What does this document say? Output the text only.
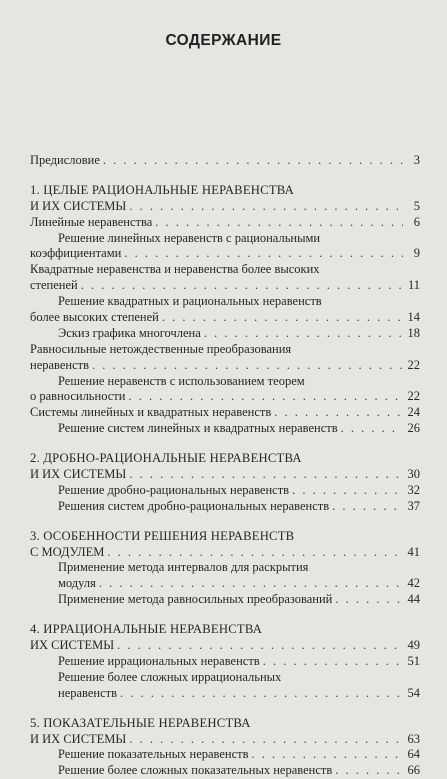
СОДЕРЖАНИЕ
Предисловие . . .	3
1. ЦЕЛЫЕ РАЦИОНАЛЬНЫЕ НЕРАВЕНСТВА
И ИХ СИСТЕМЫ . . .	5
Линейные неравенства . . .	6
Решение линейных неравенств с рациональными
коэффициентами . . .	9
Квадратные неравенства и неравенства более высоких
степеней . . .	11
Решение квадратных и рациональных неравенств
более высоких степеней . . .	14
Эскиз графика многочлена . . .	18
Равносильные нетождественные преобразования
неравенств . . .	22
Решение неравенств с использованием теорем
о равносильности . . .	22
Системы линейных и квадратных неравенств . . .	24
Решение систем линейных и квадратных неравенств . . .	26
2. ДРОБНО-РАЦИОНАЛЬНЫЕ НЕРАВЕНСТВА
И ИХ СИСТЕМЫ . . .	30
Решение дробно-рациональных неравенств . . .	32
Решения систем дробно-рациональных неравенств . . .	37
3. ОСОБЕННОСТИ РЕШЕНИЯ НЕРАВЕНСТВ
С МОДУЛЕМ . . .	41
Применение метода интервалов для раскрытия
модуля . . .	42
Применение метода равносильных преобразований . . .	44
4. ИРРАЦИОНАЛЬНЫЕ НЕРАВЕНСТВА
ИХ СИСТЕМЫ . . .	49
Решение иррациональных неравенств . . .	51
Решение более сложных иррациональных
неравенств . . .	54
5. ПОКАЗАТЕЛЬНЫЕ НЕРАВЕНСТВА
И ИХ СИСТЕМЫ . . .	63
Решение показательных неравенств . . .	64
Решение более сложных показательных неравенств . . .	66
